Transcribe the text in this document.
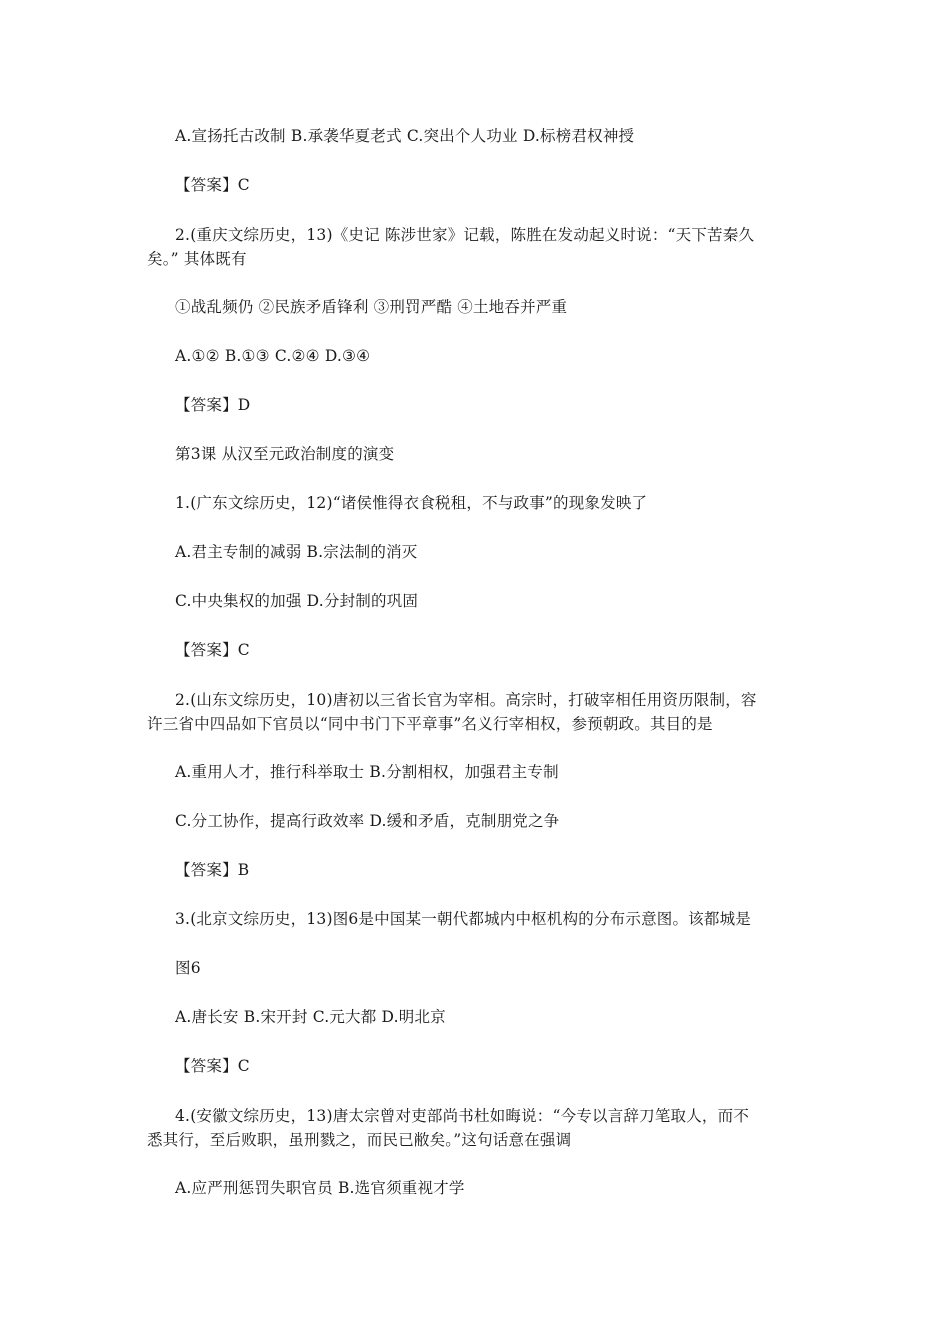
A.宣扬托古改制 B.承袭华夏老式 C.突出个人功业 D.标榜君权神授
【答案】C
2.(重庆文综历史，13)《史记 陈涉世家》记载，陈胜在发动起义时说：“天下苦秦久
矣。” 其体既有
①战乱频仍 ②民族矛盾锋利 ③刑罚严酷 ④土地吞并严重
A.①② B.①③ C.②④ D.③④
【答案】D
第3课 从汉至元政治制度的演变
1.(广东文综历史，12)“诸侯惟得衣食税租，不与政事”的现象发映了
A.君主专制的减弱 B.宗法制的消灭
C.中央集权的加强 D.分封制的巩固
【答案】C
2.(山东文综历史，10)唐初以三省长官为宰相。高宗时，打破宰相任用资历限制，容
许三省中四品如下官员以“同中书门下平章事”名义行宰相权，参预朝政。其目的是
A.重用人才，推行科举取士 B.分割相权，加强君主专制
C.分工协作，提高行政效率 D.缓和矛盾，克制朋党之争
【答案】B
3.(北京文综历史，13)图6是中国某一朝代都城内中枢机构的分布示意图。该都城是
图6
A.唐长安 B.宋开封 C.元大都 D.明北京
【答案】C
4.(安徽文综历史，13)唐太宗曾对吏部尚书杜如晦说：“今专以言辞刀笔取人，而不
悉其行，至后败职，虽刑戮之，而民已敝矣。”这句话意在强调
A.应严刑惩罚失职官员 B.选官须重视才学
